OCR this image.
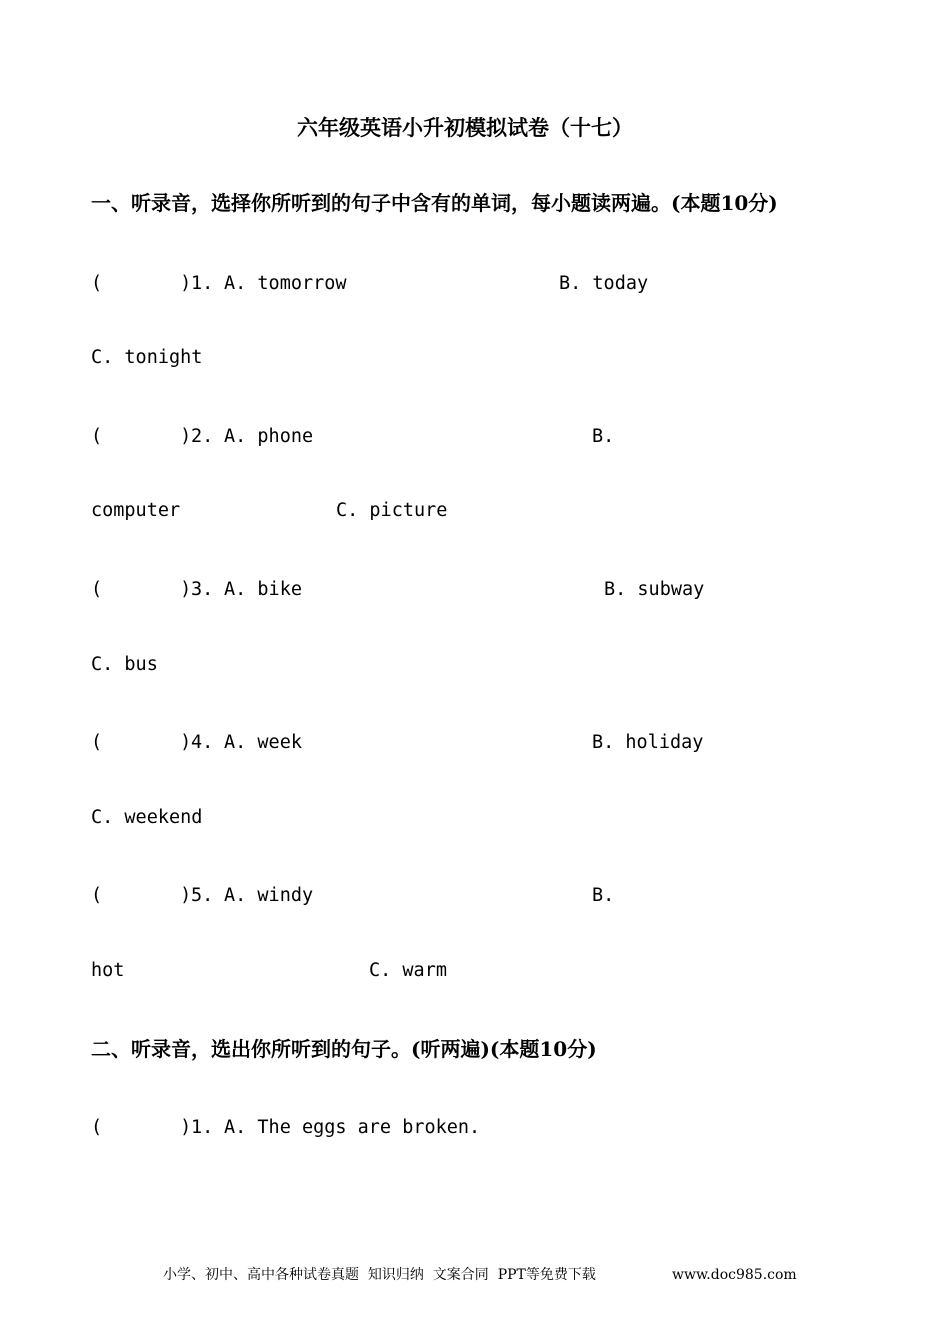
六年级英语小升初模拟试卷（十七）
一、听录音，选择你所听到的句子中含有的单词，每小题读两遍。(本题10分)
(       ) 1. A. tomorrow	B. today
C. tonight
(       ) 2. A. phone	B.
computer	C. picture
(       ) 3. A. bike	B. subway
C. bus
(       ) 4. A. week	B. holiday
C. weekend
(       ) 5. A. windy	B.
hot	C. warm
二、听录音，选出你所听到的句子。(听两遍)(本题10分)
(       ) 1. A. The eggs are broken.
小学、初中、高中各种试卷真题  知识归纳  文案合同  PPT等免费下载	www.doc985.com
